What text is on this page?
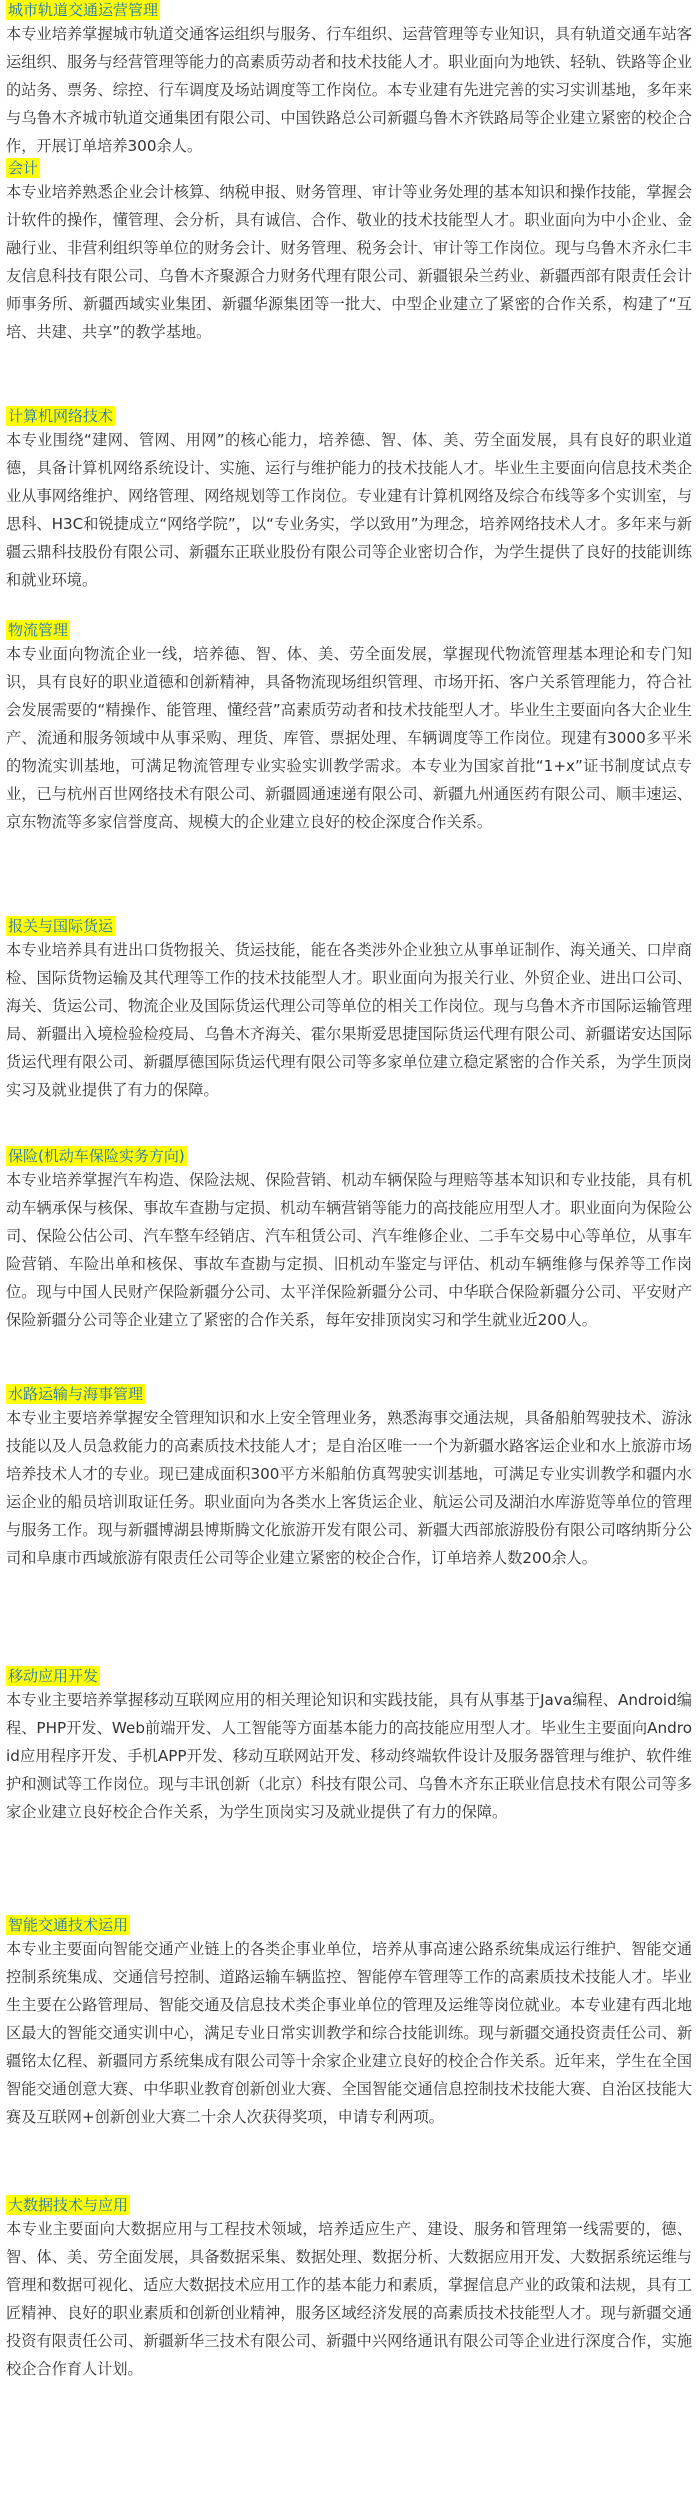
城市轨道交通运营管理

本专业培养掌握城市轨道交通客运组织与服务、行车组织、运营管理等专业知识，具有轨道交通车站客运组织、服务与经营管理等能力的高素质劳动者和技术技能人才。职业面向为地铁、轻轨、铁路等企业的站务、票务、综控、行车调度及场站调度等工作岗位。本专业建有先进完善的实习实训基地，多年来与乌鲁木齐城市轨道交通集团有限公司、中国铁路总公司新疆乌鲁木齐铁路局等企业建立紧密的校企合作，开展订单培养300余人。

会计

本专业培养熟悉企业会计核算、纳税申报、财务管理、审计等业务处理的基本知识和操作技能，掌握会计软件的操作，懂管理、会分析，具有诚信、合作、敬业的技术技能型人才。职业面向为中小企业、金融行业、非营利组织等单位的财务会计、财务管理、税务会计、审计等工作岗位。现与乌鲁木齐永仁丰友信息科技有限公司、乌鲁木齐聚源合力财务代理有限公司、新疆银朵兰药业、新疆西部有限责任会计师事务所、新疆西域实业集团、新疆华源集团等一批大、中型企业建立了紧密的合作关系，构建了“互培、共建、共享”的教学基地。

计算机网络技术

本专业围绕“建网、管网、用网”的核心能力，培养德、智、体、美、劳全面发展，具有良好的职业道德，具备计算机网络系统设计、实施、运行与维护能力的技术技能人才。毕业生主要面向信息技术类企业从事网络维护、网络管理、网络规划等工作岗位。专业建有计算机网络及综合布线等多个实训室，与思科、H3C和锐捷成立“网络学院”，以“专业务实，学以致用”为理念，培养网络技术人才。多年来与新疆云鼎科技股份有限公司、新疆东正联业股份有限公司等企业密切合作，为学生提供了良好的技能训练和就业环境。

物流管理

本专业面向物流企业一线，培养德、智、体、美、劳全面发展，掌握现代物流管理基本理论和专门知识，具有良好的职业道德和创新精神，具备物流现场组织管理、市场开拓、客户关系管理能力，符合社会发展需要的“精操作、能管理、懂经营”高素质劳动者和技术技能型人才。毕业生主要面向各大企业生产、流通和服务领域中从事采购、理货、库管、票据处理、车辆调度等工作岗位。现建有3000多平米的物流实训基地，可满足物流管理专业实验实训教学需求。本专业为国家首批“1+x”证书制度试点专业，已与杭州百世网络技术有限公司、新疆圆通速递有限公司、新疆九州通医药有限公司、顺丰速运、京东物流等多家信誉度高、规模大的企业建立良好的校企深度合作关系。

报关与国际货运

本专业培养具有进出口货物报关、货运技能，能在各类涉外企业独立从事单证制作、海关通关、口岸商检、国际货物运输及其代理等工作的技术技能型人才。职业面向为报关行业、外贸企业、进出口公司、海关、货运公司、物流企业及国际货运代理公司等单位的相关工作岗位。现与乌鲁木齐市国际运输管理局、新疆出入境检验检疫局、乌鲁木齐海关、霍尔果斯爱思捷国际货运代理有限公司、新疆诺安达国际货运代理有限公司、新疆厚德国际货运代理有限公司等多家单位建立稳定紧密的合作关系，为学生顶岗实习及就业提供了有力的保障。

保险(机动车保险实务方向)

本专业培养掌握汽车构造、保险法规、保险营销、机动车辆保险与理赔等基本知识和专业技能，具有机动车辆承保与核保、事故车查勘与定损、机动车辆营销等能力的高技能应用型人才。职业面向为保险公司、保险公估公司、汽车整车经销店、汽车租赁公司、汽车维修企业、二手车交易中心等单位，从事车险营销、车险出单和核保、事故车查勘与定损、旧机动车鉴定与评估、机动车辆维修与保养等工作岗位。现与中国人民财产保险新疆分公司、太平洋保险新疆分公司、中华联合保险新疆分公司、平安财产保险新疆分公司等企业建立了紧密的合作关系，每年安排顶岗实习和学生就业近200人。

水路运输与海事管理

本专业主要培养掌握安全管理知识和水上安全管理业务，熟悉海事交通法规，具备船舶驾驶技术、游泳技能以及人员急救能力的高素质技术技能人才；是自治区唯一一个为新疆水路客运企业和水上旅游市场培养技术人才的专业。现已建成面积300平方米船舶仿真驾驶实训基地，可满足专业实训教学和疆内水运企业的船员培训取证任务。职业面向为各类水上客货运企业、航运公司及湖泊水库游览等单位的管理与服务工作。现与新疆博湖县博斯腾文化旅游开发有限公司、新疆大西部旅游股份有限公司喀纳斯分公司和阜康市西域旅游有限责任公司等企业建立紧密的校企合作，订单培养人数200余人。

移动应用开发

本专业主要培养掌握移动互联网应用的相关理论知识和实践技能，具有从事基于Java编程、Android编程、PHP开发、Web前端开发、人工智能等方面基本能力的高技能应用型人才。毕业生主要面向Android应用程序开发、手机APP开发、移动互联网站开发、移动终端软件设计及服务器管理与维护、软件维护和测试等工作岗位。现与丰讯创新（北京）科技有限公司、乌鲁木齐东正联业信息技术有限公司等多家企业建立良好校企合作关系，为学生顶岗实习及就业提供了有力的保障。

智能交通技术运用

本专业主要面向智能交通产业链上的各类企事业单位，培养从事高速公路系统集成运行维护、智能交通控制系统集成、交通信号控制、道路运输车辆监控、智能停车管理等工作的高素质技术技能人才。毕业生主要在公路管理局、智能交通及信息技术类企事业单位的管理及运维等岗位就业。本专业建有西北地区最大的智能交通实训中心，满足专业日常实训教学和综合技能训练。现与新疆交通投资责任公司、新疆铭太亿程、新疆同方系统集成有限公司等十余家企业建立良好的校企合作关系。近年来，学生在全国智能交通创意大赛、中华职业教育创新创业大赛、全国智能交通信息控制技术技能大赛、自治区技能大赛及互联网+创新创业大赛二十余人次获得奖项，申请专利两项。

大数据技术与应用

本专业主要面向大数据应用与工程技术领域，培养适应生产、建设、服务和管理第一线需要的，德、智、体、美、劳全面发展，具备数据采集、数据处理、数据分析、大数据应用开发、大数据系统运维与管理和数据可视化、适应大数据技术应用工作的基本能力和素质，掌握信息产业的政策和法规，具有工匠精神、良好的职业素质和创新创业精神，服务区域经济发展的高素质技术技能型人才。现与新疆交通投资有限责任公司、新疆新华三技术有限公司、新疆中兴网络通讯有限公司等企业进行深度合作，实施校企合作育人计划。
